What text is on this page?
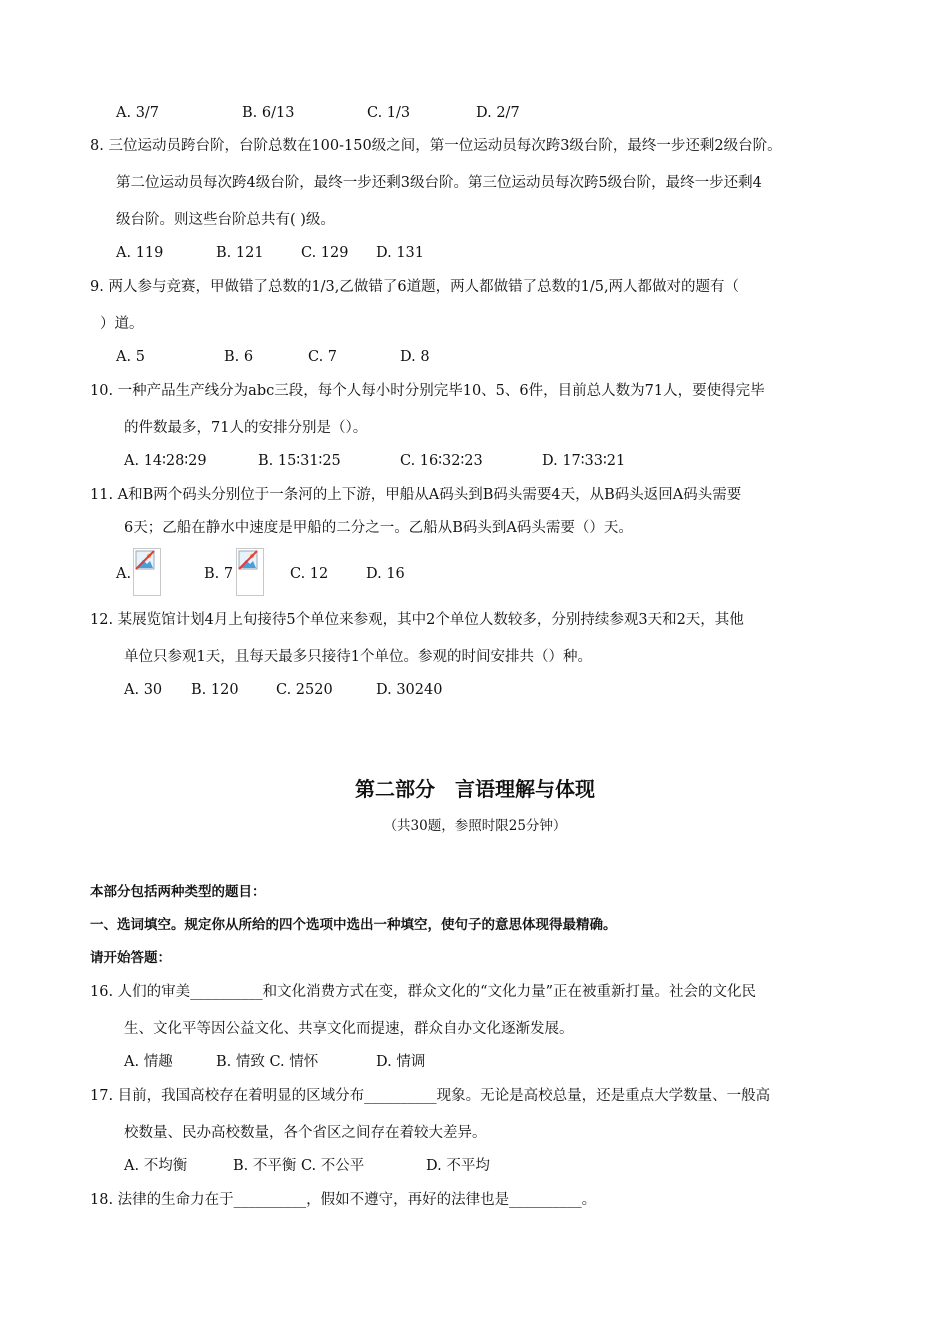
A. 3/7	B. 6/13	C. 1/3	D. 2/7
8. 三位运动员跨台阶，台阶总数在100-150级之间，第一位运动员每次跨3级台阶，最终一步还剩2级台阶。
第二位运动员每次跨4级台阶，最终一步还剩3级台阶。第三位运动员每次跨5级台阶，最终一步还剩4
级台阶。则这些台阶总共有( )级。
A. 119	B. 121	C. 129 D. 131
9. 两人参与竞赛，甲做错了总数的1/3,乙做错了6道题，两人都做错了总数的1/5,两人都做对的题有（
）道。
A. 5	B. 6	C. 7	D. 8
10. 一种产品生产线分为abc三段，每个人每小时分别完毕10、5、6件，目前总人数为71人，要使得完毕
的件数最多，71人的安排分别是（）。
A. 14∶28∶29	B. 15∶31∶25	C. 16∶32∶23	D. 17∶33∶21
11. A和B两个码头分别位于一条河的上下游，甲船从A码头到B码头需要4天，从B码头返回A码头需要
6天；乙船在静水中速度是甲船的二分之一。乙船从B码头到A码头需要（）天。
A.	B. 7	C. 12	D. 16
12. 某展览馆计划4月上旬接待5个单位来参观，其中2个单位人数较多，分别持续参观3天和2天，其他
单位只参观1天，且每天最多只接待1个单位。参观的时间安排共（）种。
A. 30 B. 120	C. 2520	D. 30240
第二部分　言语理解与体现
（共30题，参照时限25分钟）
本部分包括两种类型的题目：
一、选词填空。规定你从所给的四个选项中选出一种填空，使句子的意思体现得最精确。
请开始答题：
16. 人们的审美__________和文化消费方式在变，群众文化的“文化力量”正在被重新打量。社会的文化民
生、文化平等因公益文化、共享文化而提速，群众自办文化逐渐发展。
A. 情趣	B. 情致 C. 情怀	D. 情调
17. 目前，我国高校存在着明显的区域分布__________现象。无论是高校总量，还是重点大学数量、一般高
校数量、民办高校数量，各个省区之间存在着较大差异。
A. 不均衡	B. 不平衡 C. 不公平	D. 不平均
18. 法律的生命力在于__________，假如不遵守，再好的法律也是__________。
